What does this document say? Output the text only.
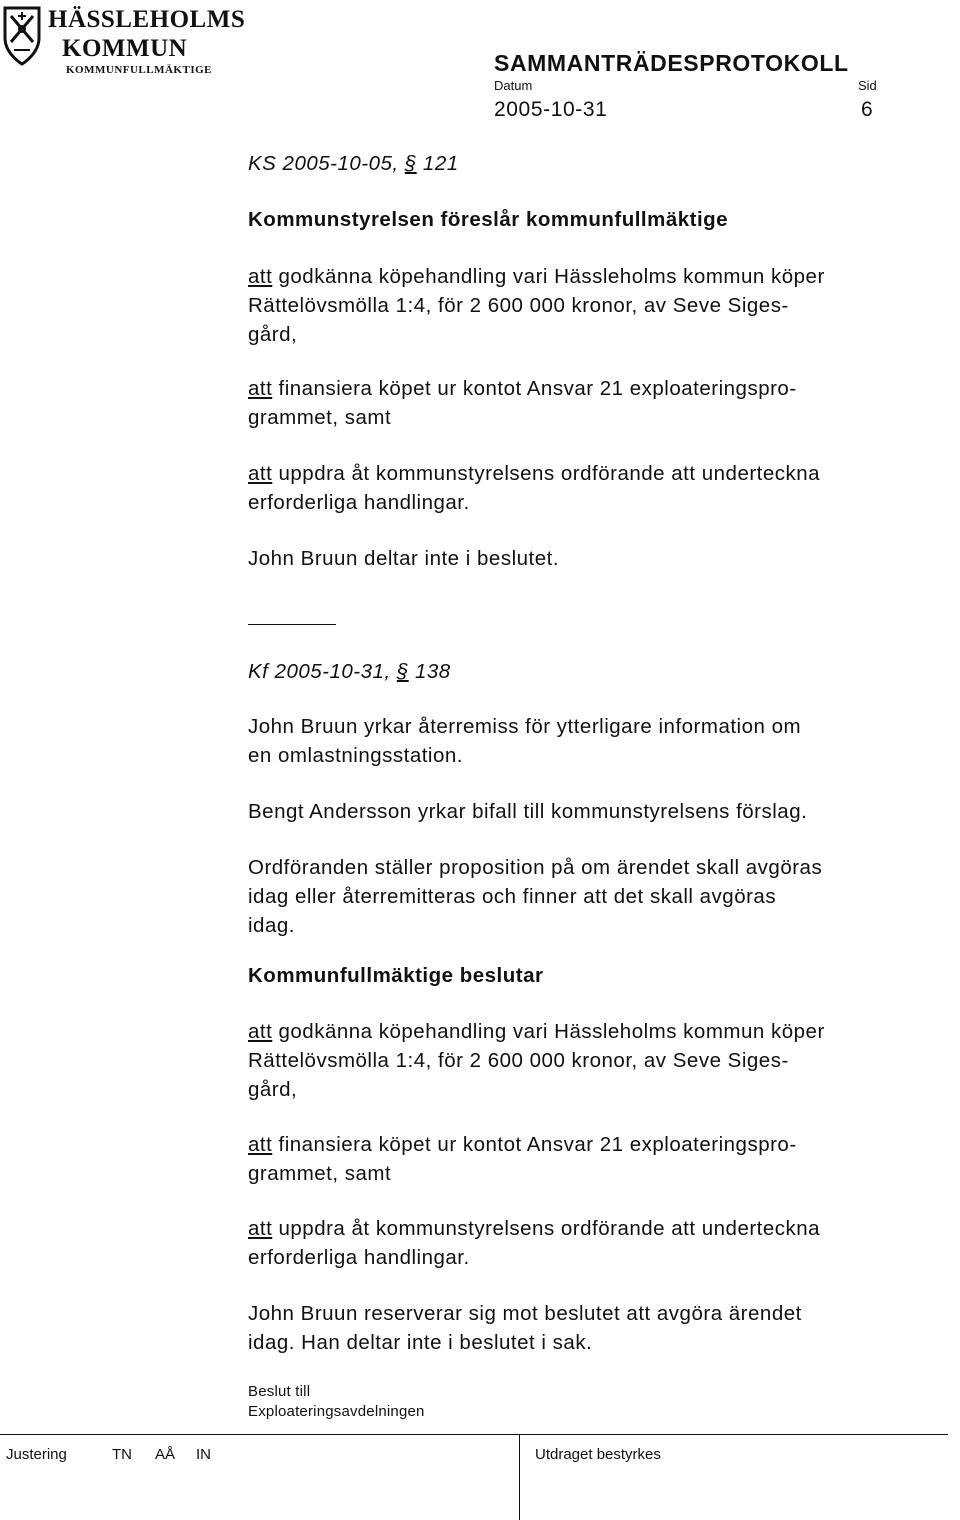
HÄSSLEHOLMS
KOMMUN
KOMMUNFULLMÄKTIGE	SAMMANTRÄDESPROTOKOLL
Datum	Sid
2005-10-31	6

KS 2005-10-05, § 121

Kommunstyrelsen föreslår kommunfullmäktige

att godkänna köpehandling vari Hässleholms kommun köper
Rättelövsmölla 1:4, för 2 600 000 kronor, av Seve Siges-
gård,

att finansiera köpet ur kontot Ansvar 21 exploateringspro-
grammet, samt

att uppdra åt kommunstyrelsens ordförande att underteckna
erforderliga handlingar.

John Bruun deltar inte i beslutet.

Kf 2005-10-31, § 138

John Bruun yrkar återremiss för ytterligare information om
en omlastningsstation.

Bengt Andersson yrkar bifall till kommunstyrelsens förslag.

Ordföranden ställer proposition på om ärendet skall avgöras
idag eller återremitteras och finner att det skall avgöras
idag.

Kommunfullmäktige beslutar

att godkänna köpehandling vari Hässleholms kommun köper
Rättelövsmölla 1:4, för 2 600 000 kronor, av Seve Siges-
gård,

att finansiera köpet ur kontot Ansvar 21 exploateringspro-
grammet, samt

att uppdra åt kommunstyrelsens ordförande att underteckna
erforderliga handlingar.

John Bruun reserverar sig mot beslutet att avgöra ärendet
idag. Han deltar inte i beslutet i sak.

Beslut till
Exploateringsavdelningen

Justering	TN AÅ IN	Utdraget bestyrkes
